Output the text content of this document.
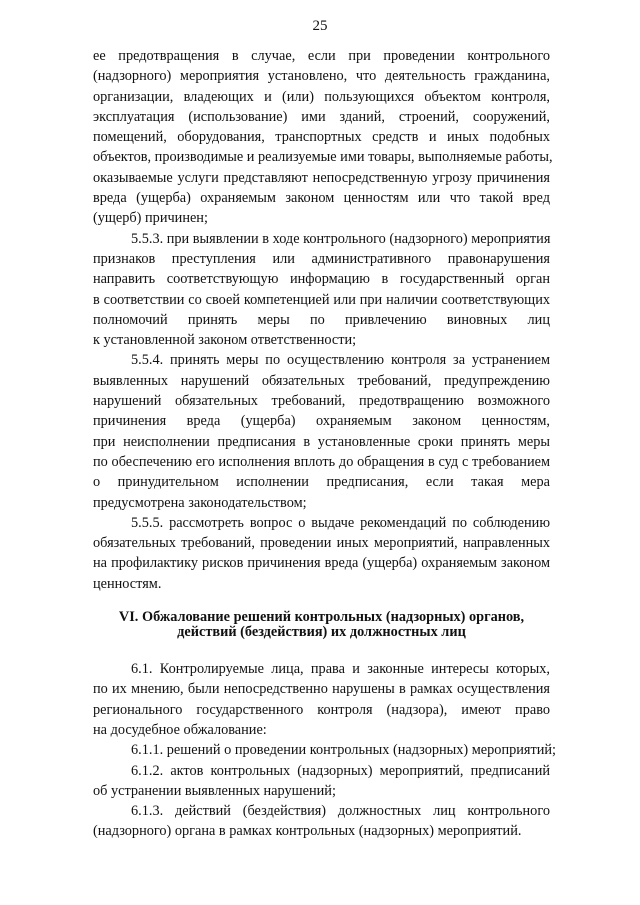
25
ее предотвращения в случае, если при проведении контрольного
(надзорного) мероприятия установлено, что деятельность гражданина,
организации, владеющих и (или) пользующихся объектом контроля,
эксплуатация (использование) ими зданий, строений, сооружений,
помещений, оборудования, транспортных средств и иных подобных
объектов, производимые и реализуемые ими товары, выполняемые работы,
оказываемые услуги представляют непосредственную угрозу причинения
вреда (ущерба) охраняемым законом ценностям или что такой вред
(ущерб) причинен;
5.5.3. при выявлении в ходе контрольного (надзорного) мероприятия
признаков преступления или административного правонарушения
направить соответствующую информацию в государственный орган
в соответствии со своей компетенцией или при наличии соответствующих
полномочий принять меры по привлечению виновных лиц
к установленной законом ответственности;
5.5.4. принять меры по осуществлению контроля за устранением
выявленных нарушений обязательных требований, предупреждению
нарушений обязательных требований, предотвращению возможного
причинения вреда (ущерба) охраняемым законом ценностям,
при неисполнении предписания в установленные сроки принять меры
по обеспечению его исполнения вплоть до обращения в суд с требованием
о принудительном исполнении предписания, если такая мера
предусмотрена законодательством;
5.5.5. рассмотреть вопрос о выдаче рекомендаций по соблюдению
обязательных требований, проведении иных мероприятий, направленных
на профилактику рисков причинения вреда (ущерба) охраняемым законом
ценностям.
VI. Обжалование решений контрольных (надзорных) органов,
действий (бездействия) их должностных лиц
6.1. Контролируемые лица, права и законные интересы которых,
по их мнению, были непосредственно нарушены в рамках осуществления
регионального государственного контроля (надзора), имеют право
на досудебное обжалование:
6.1.1. решений о проведении контрольных (надзорных) мероприятий;
6.1.2. актов контрольных (надзорных) мероприятий, предписаний
об устранении выявленных нарушений;
6.1.3. действий (бездействия) должностных лиц контрольного
(надзорного) органа в рамках контрольных (надзорных) мероприятий.
